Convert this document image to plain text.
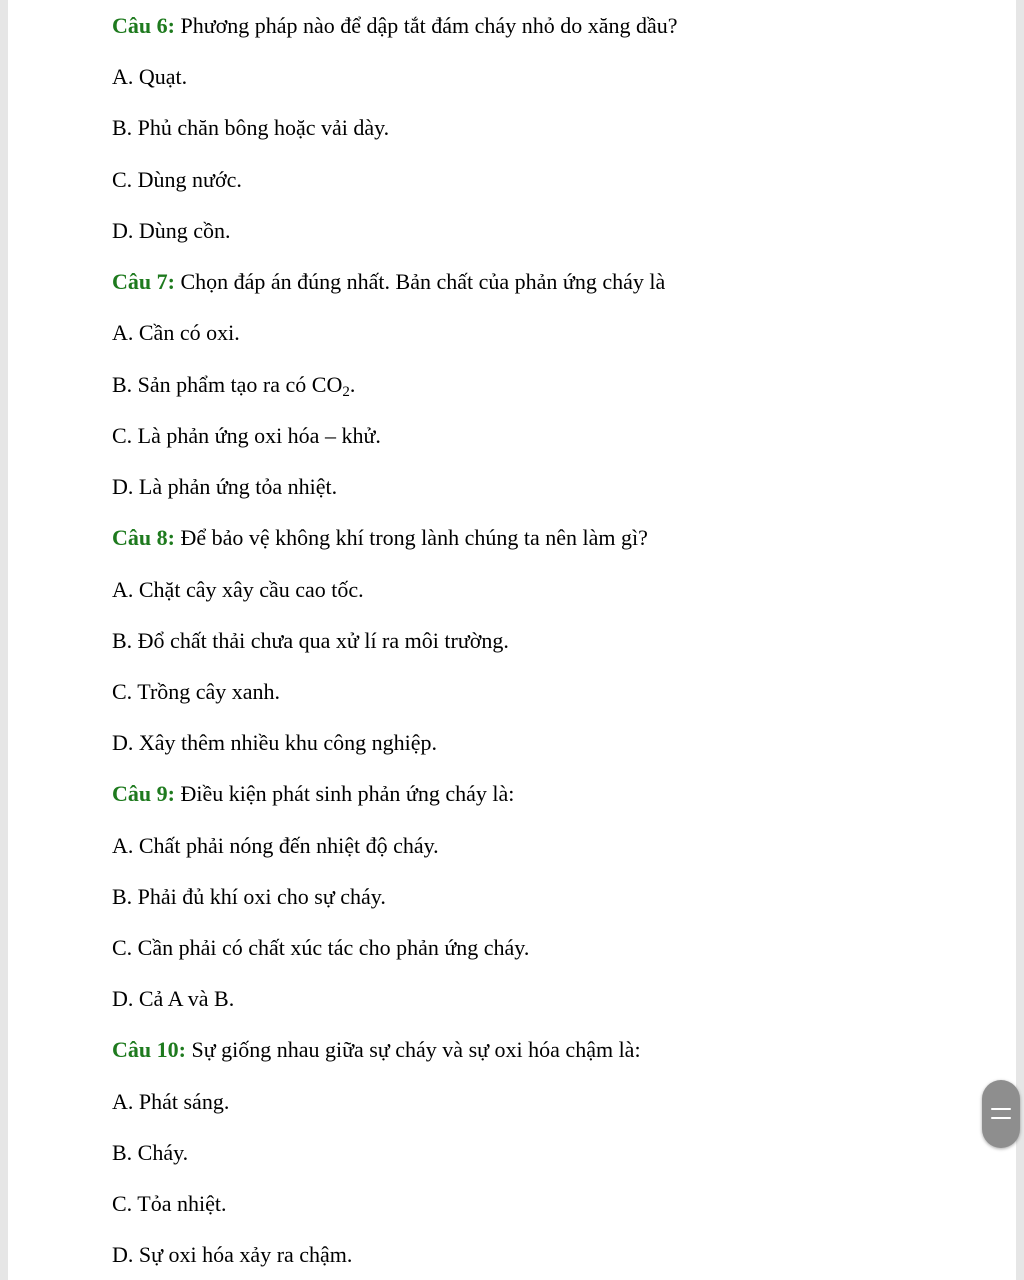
Câu 6: Phương pháp nào để dập tắt đám cháy nhỏ do xăng dầu?
A. Quạt.
B. Phủ chăn bông hoặc vải dày.
C. Dùng nước.
D. Dùng cồn.
Câu 7: Chọn đáp án đúng nhất. Bản chất của phản ứng cháy là
A. Cần có oxi.
B. Sản phẩm tạo ra có $CO_2$.
C. Là phản ứng oxi hóa – khử.
D. Là phản ứng tỏa nhiệt.
Câu 8: Để bảo vệ không khí trong lành chúng ta nên làm gì?
A. Chặt cây xây cầu cao tốc.
B. Đổ chất thải chưa qua xử lí ra môi trường.
C. Trồng cây xanh.
D. Xây thêm nhiều khu công nghiệp.
Câu 9: Điều kiện phát sinh phản ứng cháy là:
A. Chất phải nóng đến nhiệt độ cháy.
B. Phải đủ khí oxi cho sự cháy.
C. Cần phải có chất xúc tác cho phản ứng cháy.
D. Cả A và B.
Câu 10: Sự giống nhau giữa sự cháy và sự oxi hóa chậm là:
A. Phát sáng.
B. Cháy.
C. Tỏa nhiệt.
D. Sự oxi hóa xảy ra chậm.
